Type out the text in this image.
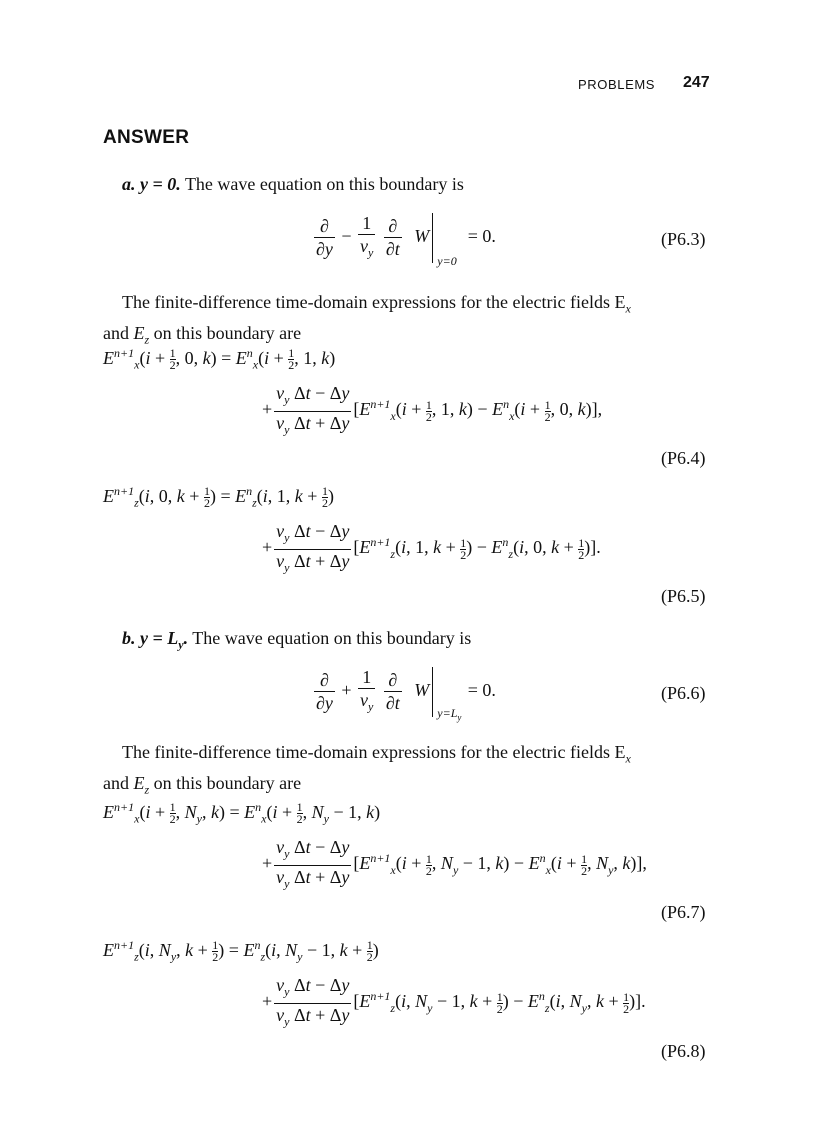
PROBLEMS 247
ANSWER
a. y = 0. The wave equation on this boundary is
$\frac{\partial}{\partial y} - \frac{1}{v_y}$
$\frac{\partial}{\partial t}$ W
y=0
= 0.	(P6.3)
The finite-difference time-domain expressions for the electric fields $E_x$
and $E_z$ on this boundary are
$E^{n+1}_x(i + \frac{1}{2}$ , 0, $k) = E^n_x(i + \frac{1}{2}$ , 1, k)
+ $\frac{v_y \Delta t - \Delta y}{v_y \Delta t + \Delta y} [E^{n+1}_x(i + \frac{1}{2}$ , 1, $k) - E^n_x(i + \frac{1}{2}$ , 0, k)],
(P6.4)
$E^{n+1}_z(i$, 0, $k + \frac{1}{2}$ ) = $E^n_z(i$, 1, $k + \frac{1}{2}$ )
+ $\frac{v_y \Delta t - \Delta y}{v_y \Delta t + \Delta y} [E^{n+1}_z(i$, 1, $k + \frac{1}{2}$ ) − $E^n_z(i$, 0, $k + \frac{1}{2}$ )].
(P6.5)
b. $y = L_y$. The wave equation on this boundary is
$\frac{\partial}{\partial y} + \frac{1}{v_y}$
$\frac{\partial}{\partial t}$ W
$y=L_y$
= 0.	(P6.6)
The finite-difference time-domain expressions for the electric fields $E_x$
and $E_z$ on this boundary are
$E^{n+1}_x(i + \frac{1}{2}$ , $N_y$, $k) = E^n_x(i + \frac{1}{2}$ , $N_y - 1$, k)
+ $\frac{v_y \Delta t - \Delta y}{v_y \Delta t + \Delta y} [E^{n+1}_x(i + \frac{1}{2}$ , $N_y - 1$, $k) - E^n_x(i + \frac{1}{2}$ , $N_y$, k)],
(P6.7)
$E^{n+1}_z(i$, $N_y$, $k + \frac{1}{2}$ ) = $E^n_z(i$, $N_y - 1$, $k + \frac{1}{2}$ )
+ $\frac{v_y \Delta t - \Delta y}{v_y \Delta t + \Delta y} [E^{n+1}_z(i$, $N_y - 1$, $k + \frac{1}{2}$ ) − $E^n_z(i$, $N_y$, $k + \frac{1}{2}$ )].
(P6.8)
